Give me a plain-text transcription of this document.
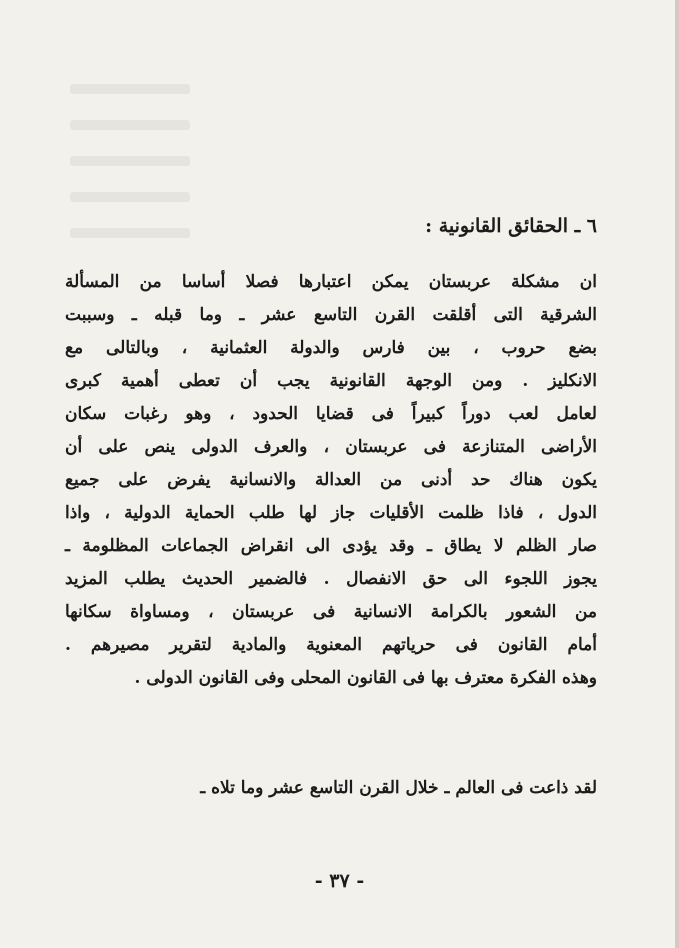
٦ ـ الحقائق القانونية :
ان مشكلة عربستان يمكن اعتبارها فصلا أساسا من المسألة
الشرقية التى أقلقت القرن التاسع عشر ـ وما قبله ـ وسببت
بضع حروب ، بين فارس والدولة العثمانية ، وبالتالى مع
الانكليز . ومن الوجهة القانونية يجب أن تعطى أهمية كبرى
لعامل لعب دوراً كبيراً فى قضايا الحدود ، وهو رغبات سكان
الأراضى المتنازعة فى عربستان ، والعرف الدولى ينص على أن
يكون هناك حد أدنى من العدالة والانسانية يفرض على جميع
الدول ، فاذا ظلمت الأقليات جاز لها طلب الحماية الدولية ، واذا
صار الظلم لا يطاق ـ وقد يؤدى الى انقراض الجماعات المظلومة ـ
يجوز اللجوء الى حق الانفصال . فالضمير الحديث يطلب المزيد
من الشعور بالكرامة الانسانية فى عربستان ، ومساواة سكانها
أمام القانون فى حرياتهم المعنوية والمادية لتقرير مصيرهم .
وهذه الفكرة معترف بها فى القانون المحلى وفى القانون الدولى .
لقد ذاعت فى العالم ـ خلال القرن التاسع عشر وما تلاه ـ
- ٣٧ -
